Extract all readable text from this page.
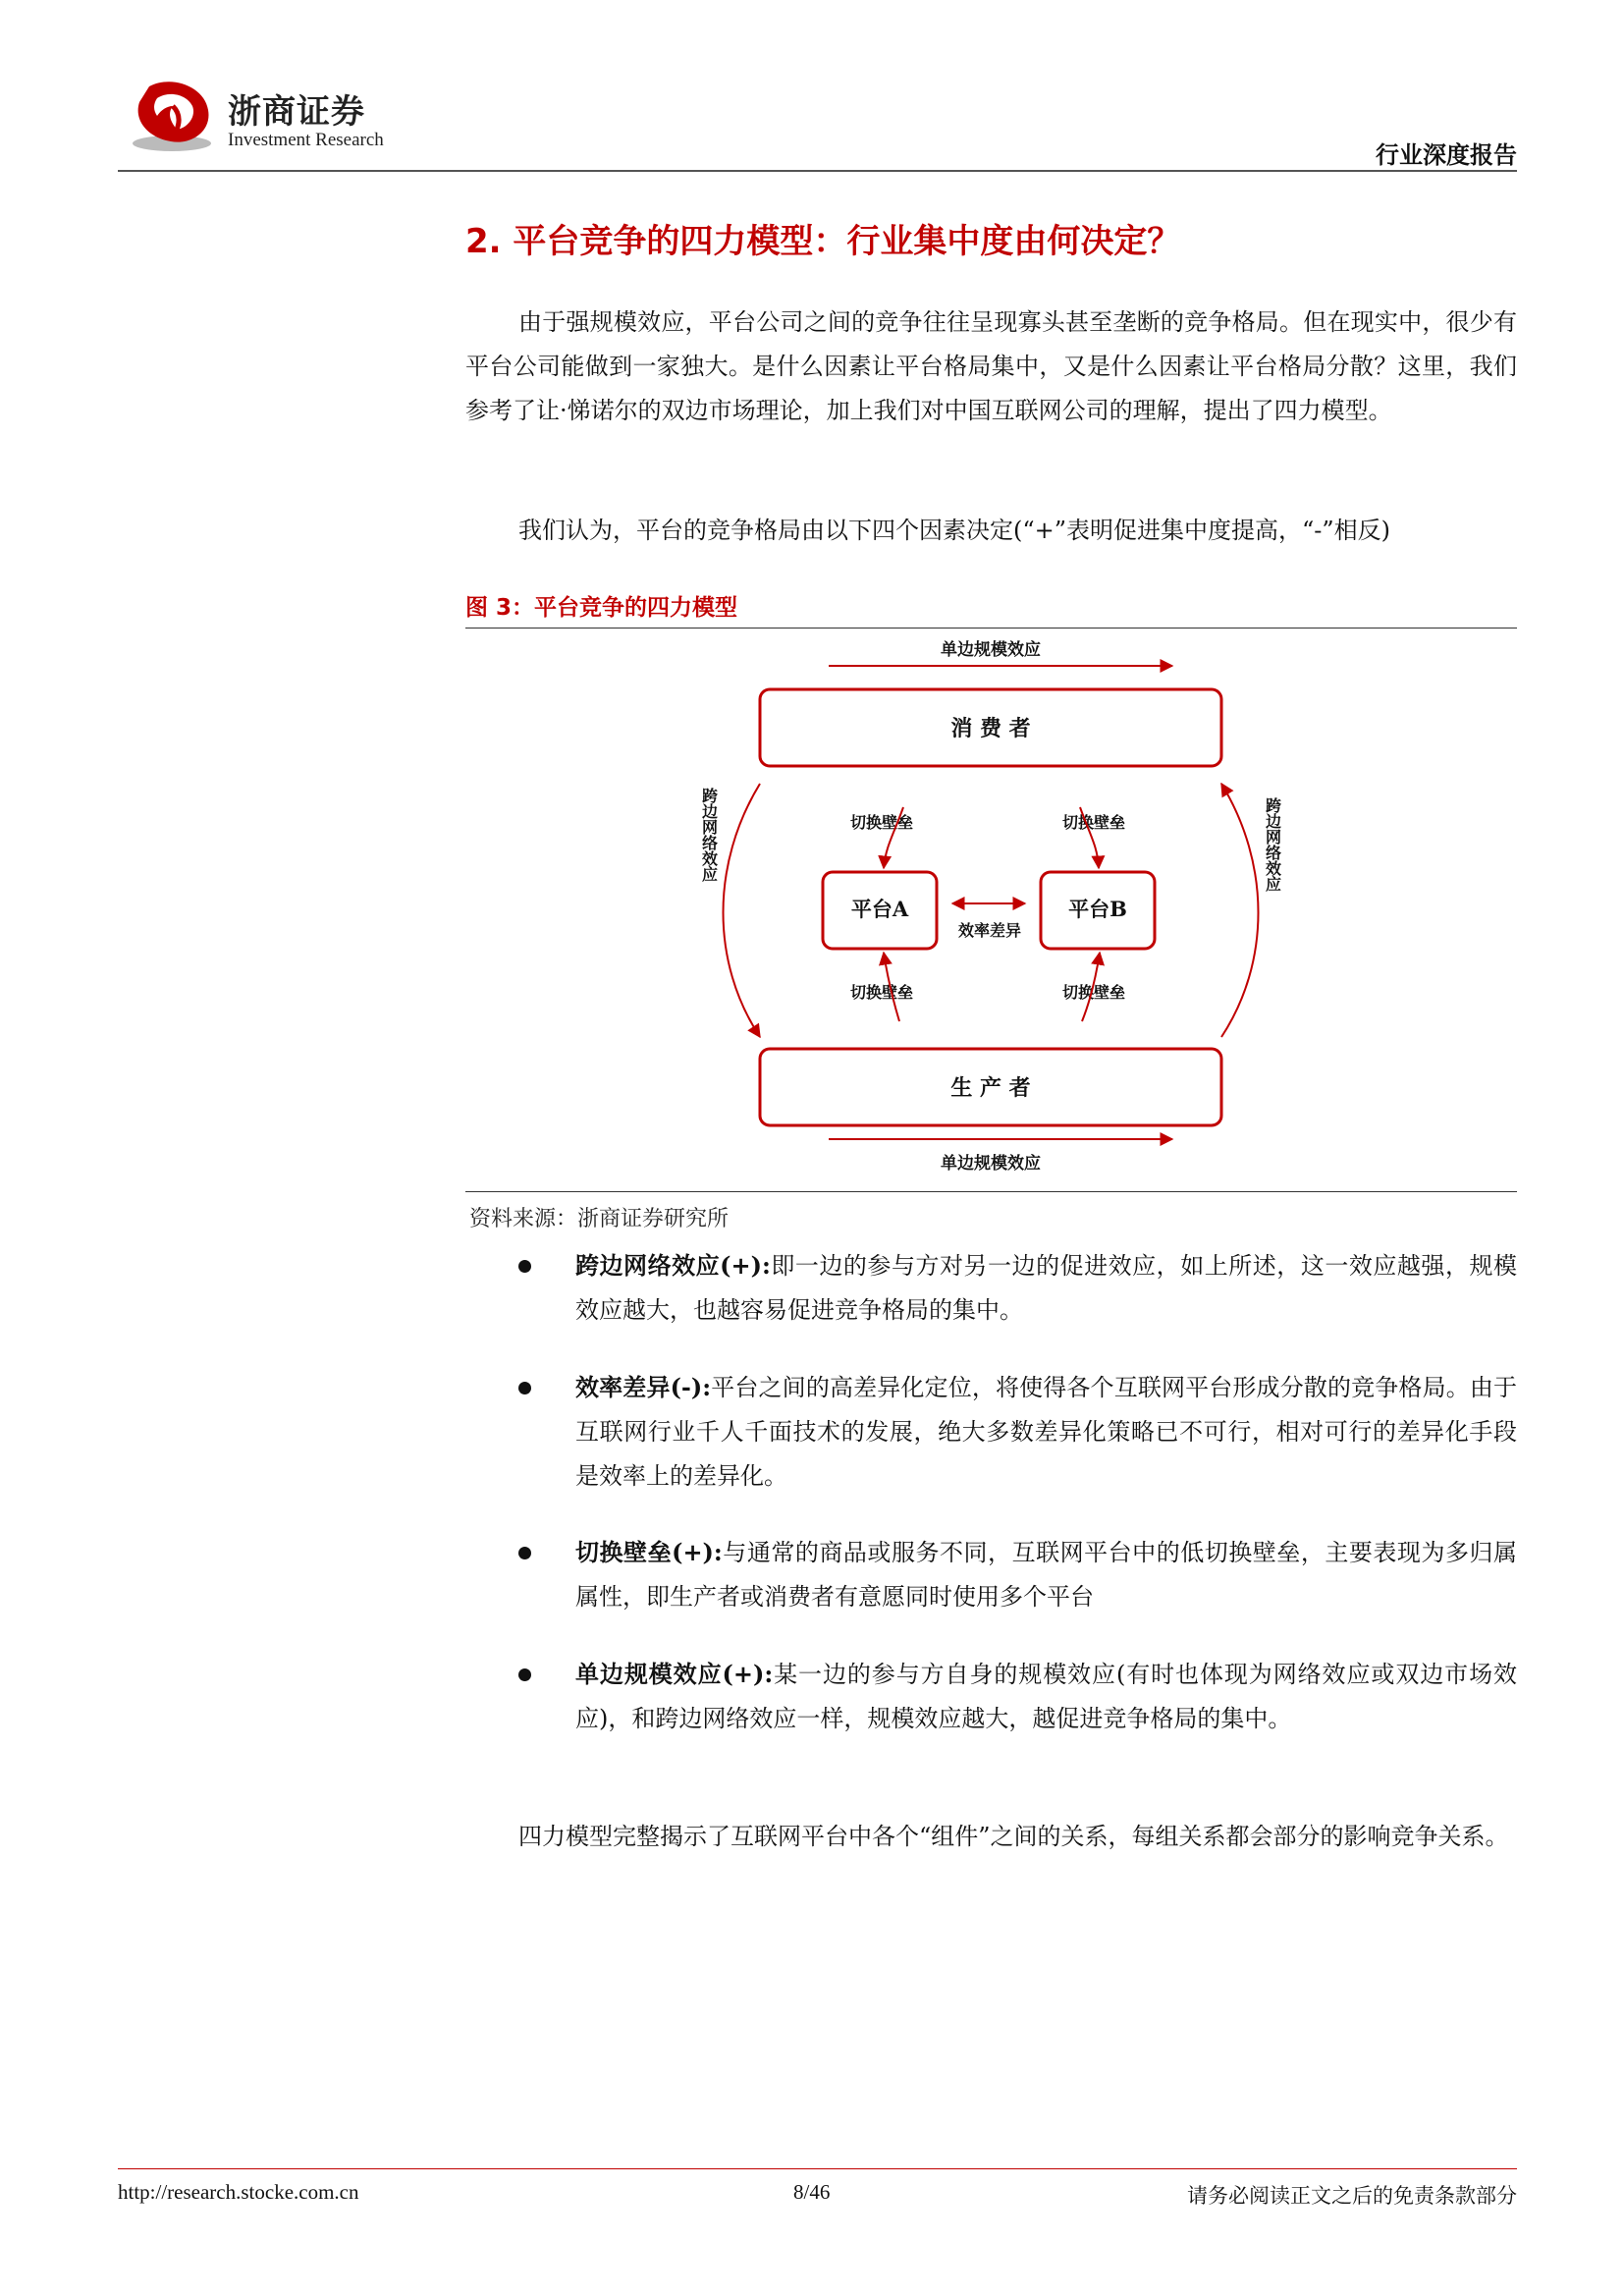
浙商证券
Investment Research
行业深度报告
2. 平台竞争的四力模型：行业集中度由何决定？
由于强规模效应，平台公司之间的竞争往往呈现寡头甚至垄断的竞争格局。但在现实中，很少有平台公司能做到一家独大。是什么因素让平台格局集中，又是什么因素让平台格局分散？这里，我们参考了让·悌诺尔的双边市场理论，加上我们对中国互联网公司的理解，提出了四力模型。
我们认为，平台的竞争格局由以下四个因素决定(“+”表明促进集中度提高，“-”相反)
图 3：平台竞争的四力模型
单边规模效应
消 费 者
生 产 者
单边规模效应
平台A	平台B
效率差异
切换壁垒	切换壁垒
切换壁垒	切换壁垒
跨边网络效应	跨边网络效应
资料来源：浙商证券研究所
跨边网络效应(+):即一边的参与方对另一边的促进效应，如上所述，这一效应越强，规模效应越大，也越容易促进竞争格局的集中。
效率差异(-):平台之间的高差异化定位，将使得各个互联网平台形成分散的竞争格局。由于互联网行业千人千面技术的发展，绝大多数差异化策略已不可行，相对可行的差异化手段是效率上的差异化。
切换壁垒(+):与通常的商品或服务不同，互联网平台中的低切换壁垒，主要表现为多归属属性，即生产者或消费者有意愿同时使用多个平台
单边规模效应(+):某一边的参与方自身的规模效应(有时也体现为网络效应或双边市场效应)，和跨边网络效应一样，规模效应越大，越促进竞争格局的集中。
四力模型完整揭示了互联网平台中各个“组件”之间的关系，每组关系都会部分的影响竞争关系。
http://research.stocke.com.cn	8/46	请务必阅读正文之后的免责条款部分
